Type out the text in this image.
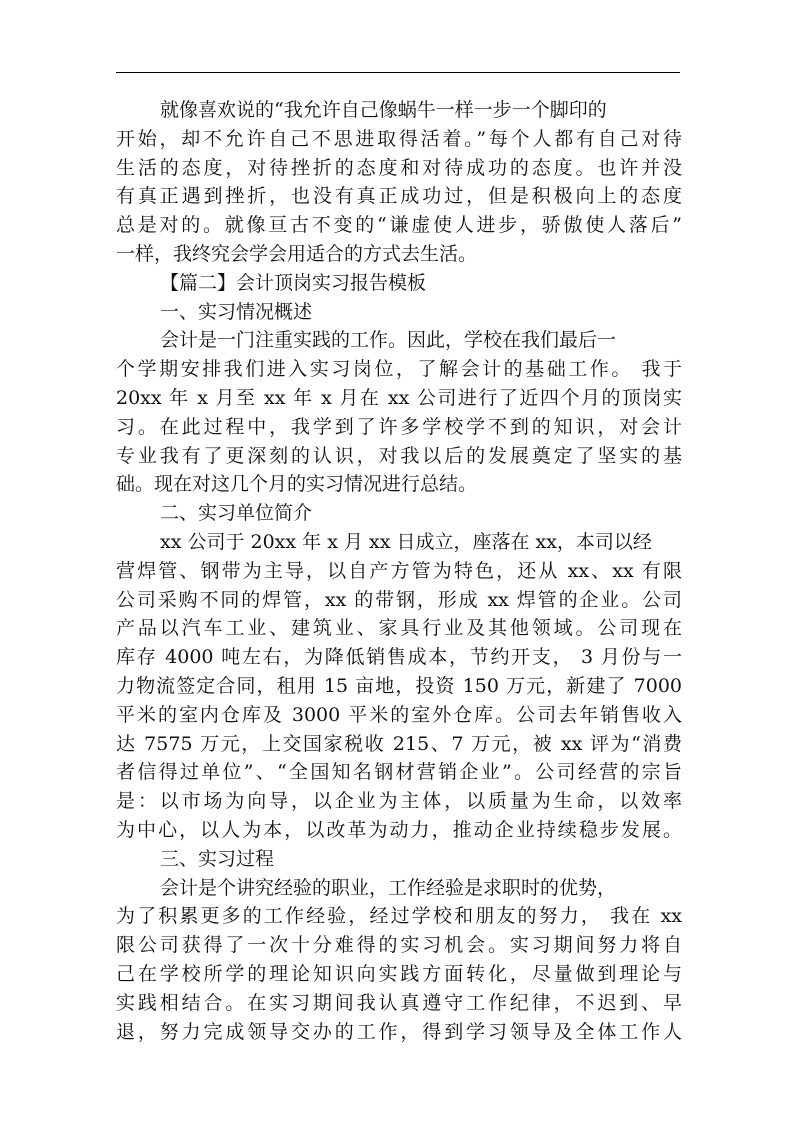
就像喜欢说的“我允许自己像蜗牛一样一步一个脚印的
开始，却不允许自己不思进取得活着。”每个人都有自己对待
生活的态度，对待挫折的态度和对待成功的态度。也许并没
有真正遇到挫折，也没有真正成功过，但是积极向上的态度
总是对的。就像亘古不变的“谦虚使人进步，骄傲使人落后”
一样，我终究会学会用适合的方式去生活。
【篇二】会计顶岗实习报告模板
一、实习情况概述
会计是一门注重实践的工作。因此，学校在我们最后一
个学期安排我们进入实习岗位，了解会计的基础工作。 我于
20xx 年 x 月至 xx 年 x 月在 xx 公司进行了近四个月的顶岗实
习。在此过程中，我学到了许多学校学不到的知识，对会计
专业我有了更深刻的认识，对我以后的发展奠定了坚实的基
础。现在对这几个月的实习情况进行总结。
二、实习单位简介
xx 公司于 20xx 年 x 月 xx 日成立，座落在 xx，本司以经
营焊管、钢带为主导，以自产方管为特色，还从 xx、xx 有限
公司采购不同的焊管，xx 的带钢，形成 xx 焊管的企业。公司
产品以汽车工业、建筑业、家具行业及其他领域。公司现在
库存 4000 吨左右，为降低销售成本，节约开支， 3 月份与一
力物流签定合同，租用 15 亩地，投资 150 万元，新建了 7000
平米的室内仓库及 3000 平米的室外仓库。公司去年销售收入
达 7575 万元，上交国家税收 215、7 万元，被 xx 评为“消费
者信得过单位”、“全国知名钢材营销企业”。公司经营的宗旨
是：以市场为向导，以企业为主体，以质量为生命，以效率
为中心，以人为本，以改革为动力，推动企业持续稳步发展。
三、实习过程
会计是个讲究经验的职业，工作经验是求职时的优势，
为了积累更多的工作经验，经过学校和朋友的努力， 我在 xx
限公司获得了一次十分难得的实习机会。实习期间努力将自
己在学校所学的理论知识向实践方面转化，尽量做到理论与
实践相结合。在实习期间我认真遵守工作纪律，不迟到、早
退，努力完成领导交办的工作，得到学习领导及全体工作人
